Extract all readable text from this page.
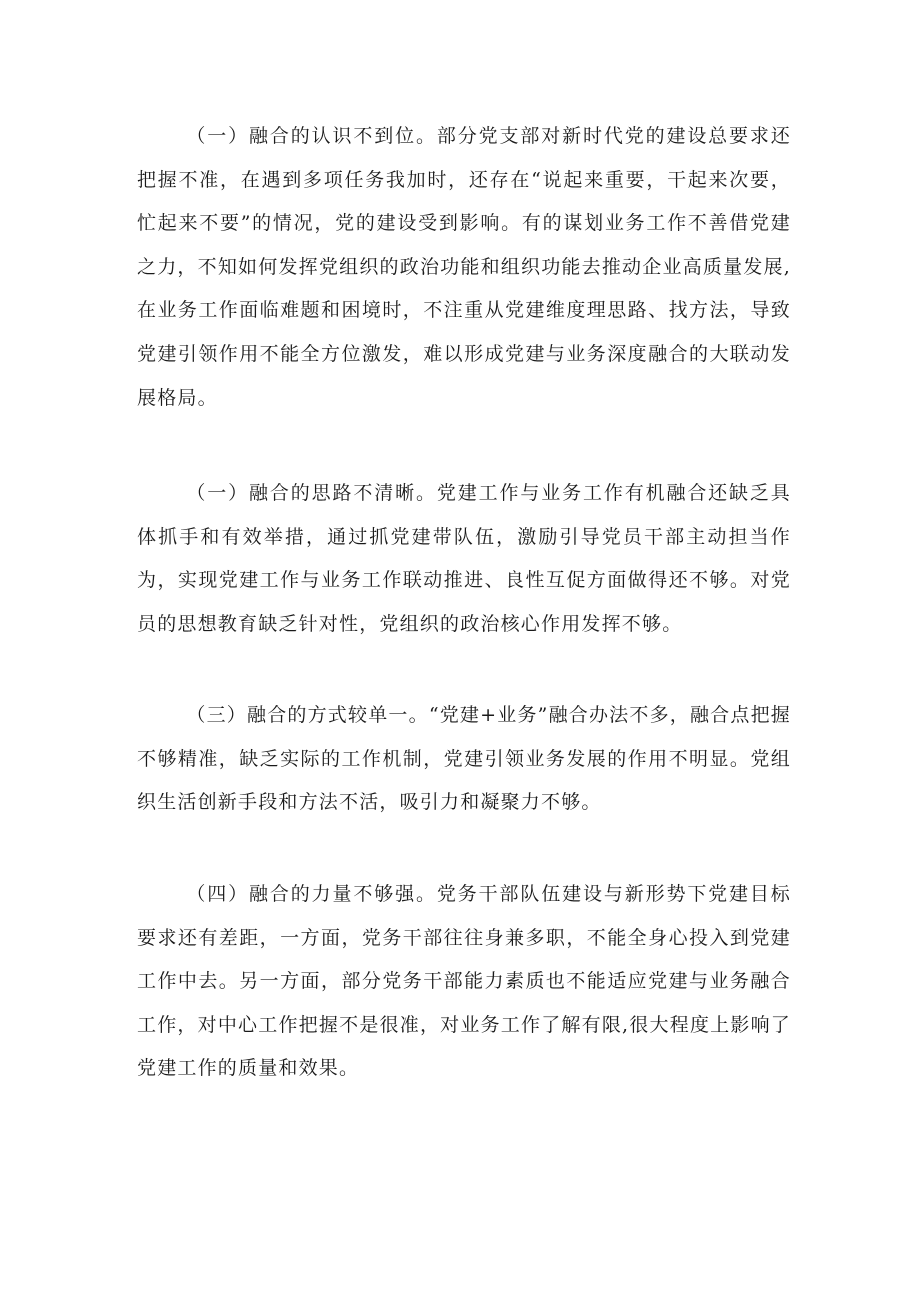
（一）融合的认识不到位。部分党支部对新时代党的建设总要求还把握不准，在遇到多项任务我加时，还存在“说起来重要，干起来次要，忙起来不要”的情况，党的建设受到影响。有的谋划业务工作不善借党建之力，不知如何发挥党组织的政治功能和组织功能去推动企业高质量发展,在业务工作面临难题和困境时，不注重从党建维度理思路、找方法，导致党建引领作用不能全方位激发，难以形成党建与业务深度融合的大联动发展格局。

（一）融合的思路不清晰。党建工作与业务工作有机融合还缺乏具体抓手和有效举措，通过抓党建带队伍，激励引导党员干部主动担当作为，实现党建工作与业务工作联动推进、良性互促方面做得还不够。对党员的思想教育缺乏针对性，党组织的政治核心作用发挥不够。

（三）融合的方式较单一。“党建+业务”融合办法不多，融合点把握不够精准，缺乏实际的工作机制，党建引领业务发展的作用不明显。党组织生活创新手段和方法不活，吸引力和凝聚力不够。

（四）融合的力量不够强。党务干部队伍建设与新形势下党建目标要求还有差距，一方面，党务干部往往身兼多职，不能全身心投入到党建工作中去。另一方面，部分党务干部能力素质也不能适应党建与业务融合工作，对中心工作把握不是很准，对业务工作了解有限,很大程度上影响了党建工作的质量和效果。
